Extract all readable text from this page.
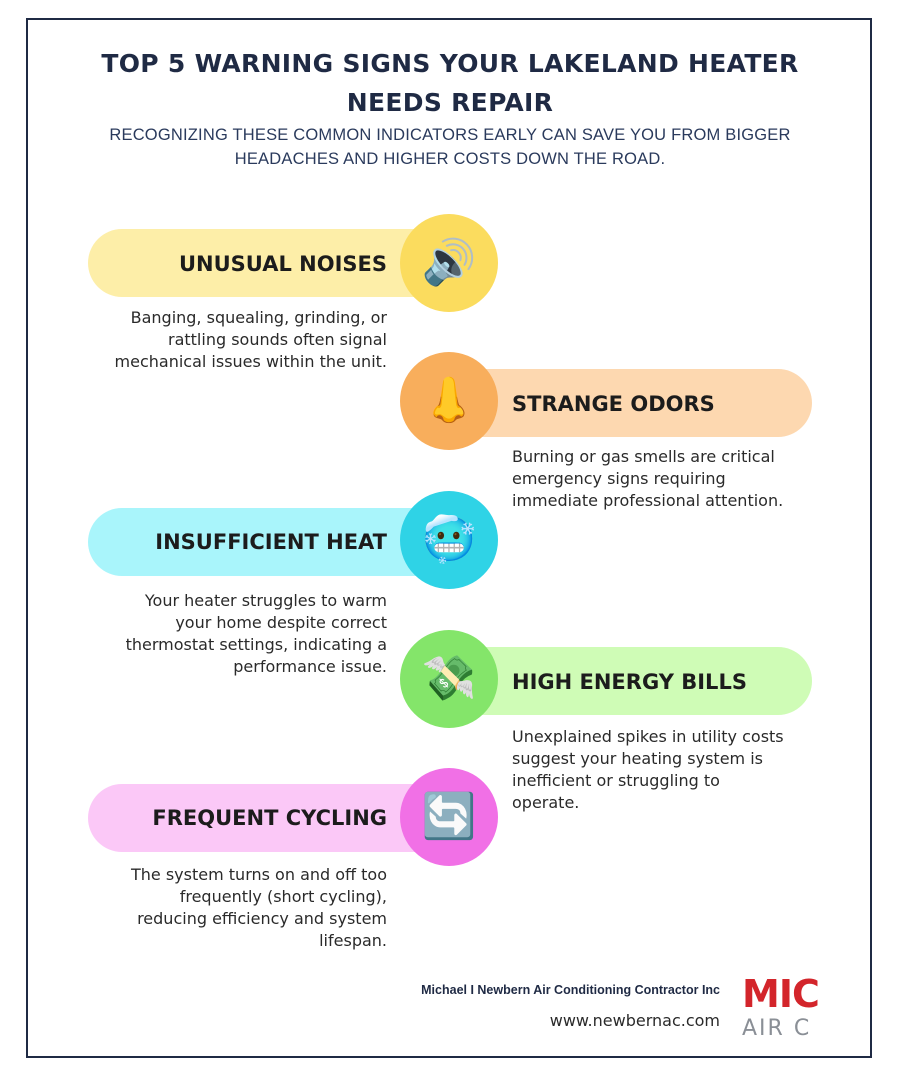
TOP 5 WARNING SIGNS YOUR LAKELAND HEATER NEEDS REPAIR
RECOGNIZING THESE COMMON INDICATORS EARLY CAN SAVE YOU FROM BIGGER HEADACHES AND HIGHER COSTS DOWN THE ROAD.
UNUSUAL NOISES 🔊
Banging, squealing, grinding, or rattling sounds often signal mechanical issues within the unit.
👃	STRANGE ODORS
Burning or gas smells are critical emergency signs requiring immediate professional attention.
INSUFFICIENT HEAT 🥶
Your heater struggles to warm your home despite correct thermostat settings, indicating a performance issue. 💸	HIGH ENERGY BILLS
Unexplained spikes in utility costs suggest your heating system is inefficient or struggling to operate.
FREQUENT CYCLING 🔄
The system turns on and off too frequently (short cycling), reducing efficiency and system lifespan.
Michael I Newbern Air Conditioning Contractor Inc
www.newbernac.com
MIC
AIR C
